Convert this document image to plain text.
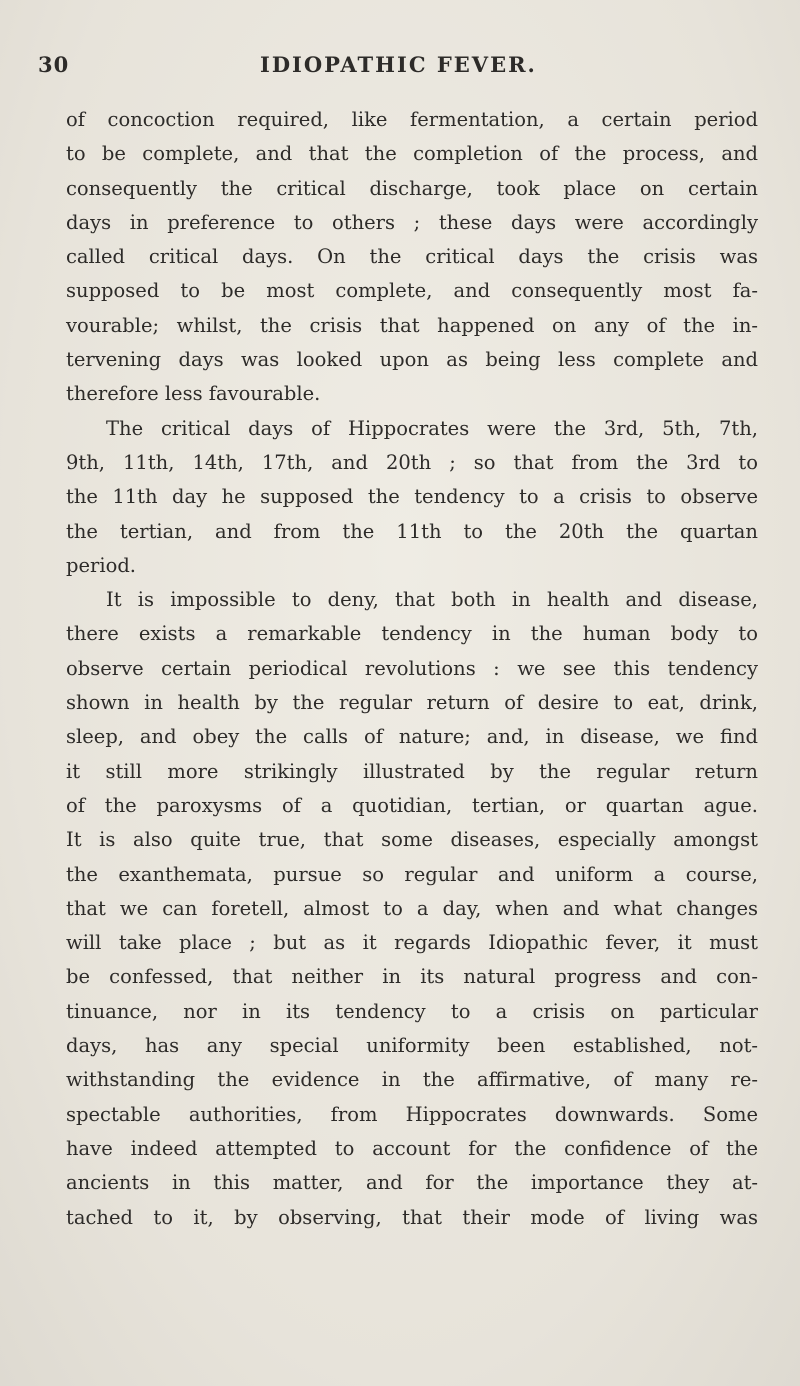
30	IDIOPATHIC FEVER.
of concoction required, like fermentation, a certain period
to be complete, and that the completion of the process, and
consequently the critical discharge, took place on certain
days in preference to others ; these days were accordingly
called critical days. On the critical days the crisis was
supposed to be most complete, and consequently most fa-
vourable; whilst, the crisis that happened on any of the in-
tervening days was looked upon as being less complete and
therefore less favourable.
The critical days of Hippocrates were the 3rd, 5th, 7th,
9th, 11th, 14th, 17th, and 20th ; so that from the 3rd to
the 11th day he supposed the tendency to a crisis to observe
the tertian, and from the 11th to the 20th the quartan
period.
It is impossible to deny, that both in health and disease,
there exists a remarkable tendency in the human body to
observe certain periodical revolutions : we see this tendency
shown in health by the regular return of desire to eat, drink,
sleep, and obey the calls of nature; and, in disease, we find
it still more strikingly illustrated by the regular return
of the paroxysms of a quotidian, tertian, or quartan ague.
It is also quite true, that some diseases, especially amongst
the exanthemata, pursue so regular and uniform a course,
that we can foretell, almost to a day, when and what changes
will take place ; but as it regards Idiopathic fever, it must
be confessed, that neither in its natural progress and con-
tinuance, nor in its tendency to a crisis on particular
days, has any special uniformity been established, not-
withstanding the evidence in the affirmative, of many re-
spectable authorities, from Hippocrates downwards. Some
have indeed attempted to account for the confidence of the
ancients in this matter, and for the importance they at-
tached to it, by observing, that their mode of living was
